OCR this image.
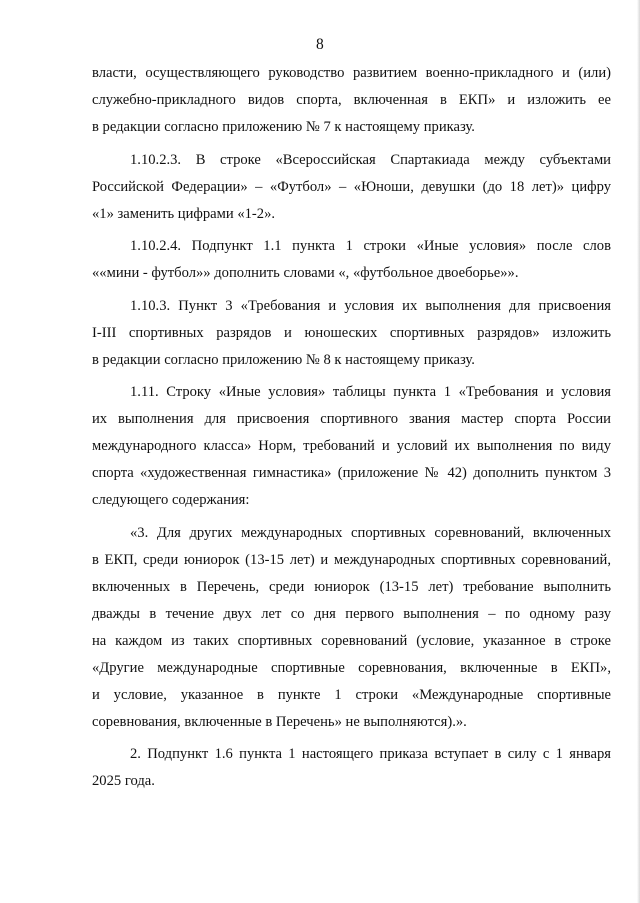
8
власти, осуществляющего руководство развитием военно-прикладного и (или)
служебно-прикладного видов спорта, включенная в ЕКП» и изложить ее
в редакции согласно приложению № 7 к настоящему приказу.
1.10.2.3. В строке «Всероссийская Спартакиада между субъектами
Российской Федерации» – «Футбол» – «Юноши, девушки (до 18 лет)» цифру
«1» заменить цифрами «1-2».
1.10.2.4. Подпункт 1.1 пункта 1 строки «Иные условия» после слов
««мини - футбол»» дополнить словами «, «футбольное двоеборье»».
1.10.3. Пункт 3 «Требования и условия их выполнения для присвоения
I-III спортивных разрядов и юношеских спортивных разрядов» изложить
в редакции согласно приложению № 8 к настоящему приказу.
1.11. Строку «Иные условия» таблицы пункта 1 «Требования и условия
их выполнения для присвоения спортивного звания мастер спорта России
международного класса» Норм, требований и условий их выполнения по виду
спорта «художественная гимнастика» (приложение № 42) дополнить пунктом 3
следующего содержания:
«3. Для других международных спортивных соревнований, включенных
в ЕКП, среди юниорок (13-15 лет) и международных спортивных соревнований,
включенных в Перечень, среди юниорок (13-15 лет) требование выполнить
дважды в течение двух лет со дня первого выполнения – по одному разу
на каждом из таких спортивных соревнований (условие, указанное в строке
«Другие международные спортивные соревнования, включенные в ЕКП»,
и условие, указанное в пункте 1 строки «Международные спортивные
соревнования, включенные в Перечень» не выполняются).».
2. Подпункт 1.6 пункта 1 настоящего приказа вступает в силу с 1 января
2025 года.
